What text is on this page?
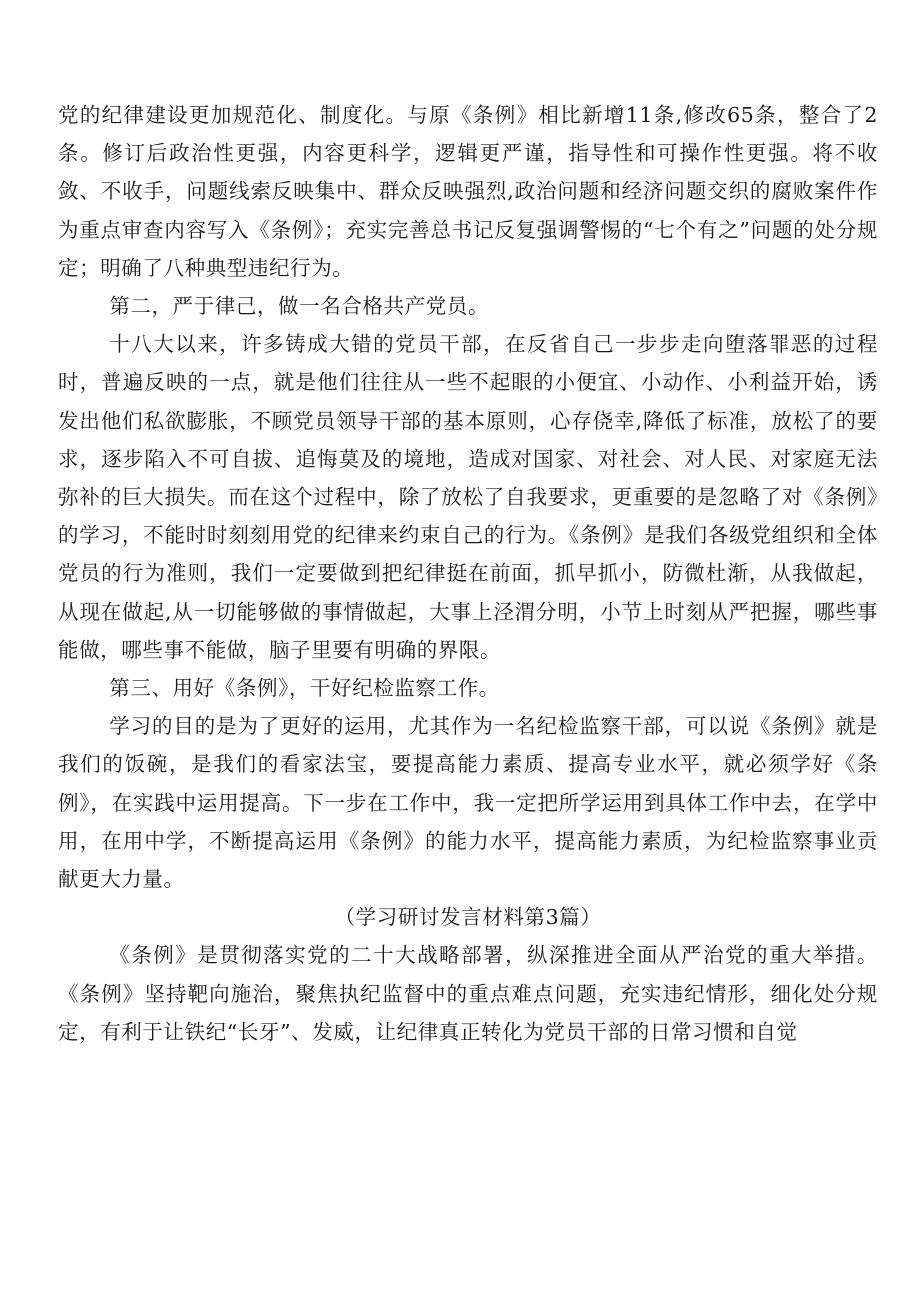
党的纪律建设更加规范化、制度化。与原《条例》相比新增11条,修改65条，整合了2条。修订后政治性更强，内容更科学，逻辑更严谨，指导性和可操作性更强。将不收敛、不收手，问题线索反映集中、群众反映强烈,政治问题和经济问题交织的腐败案件作为重点审查内容写入《条例》；充实完善总书记反复强调警惕的“七个有之”问题的处分规定；明确了八种典型违纪行为。

第二，严于律己，做一名合格共产党员。

十八大以来，许多铸成大错的党员干部，在反省自己一步步走向堕落罪恶的过程时，普遍反映的一点，就是他们往往从一些不起眼的小便宜、小动作、小利益开始，诱发出他们私欲膨胀，不顾党员领导干部的基本原则，心存侥幸,降低了标准，放松了的要求，逐步陷入不可自拔、追悔莫及的境地，造成对国家、对社会、对人民、对家庭无法弥补的巨大损失。而在这个过程中，除了放松了自我要求，更重要的是忽略了对《条例》的学习，不能时时刻刻用党的纪律来约束自己的行为。《条例》是我们各级党组织和全体党员的行为准则，我们一定要做到把纪律挺在前面，抓早抓小，防微杜渐，从我做起，从现在做起,从一切能够做的事情做起，大事上泾渭分明，小节上时刻从严把握，哪些事能做，哪些事不能做，脑子里要有明确的界限。

第三、用好《条例》，干好纪检监察工作。

学习的目的是为了更好的运用，尤其作为一名纪检监察干部，可以说《条例》就是我们的饭碗，是我们的看家法宝，要提高能力素质、提高专业水平，就必须学好《条例》，在实践中运用提高。下一步在工作中，我一定把所学运用到具体工作中去，在学中用，在用中学，不断提高运用《条例》的能力水平，提高能力素质，为纪检监察事业贡献更大力量。

（学习研讨发言材料第3篇）

《条例》是贯彻落实党的二十大战略部署，纵深推进全面从严治党的重大举措。《条例》坚持靶向施治，聚焦执纪监督中的重点难点问题，充实违纪情形，细化处分规定，有利于让铁纪“长牙”、发威，让纪律真正转化为党员干部的日常习惯和自觉
